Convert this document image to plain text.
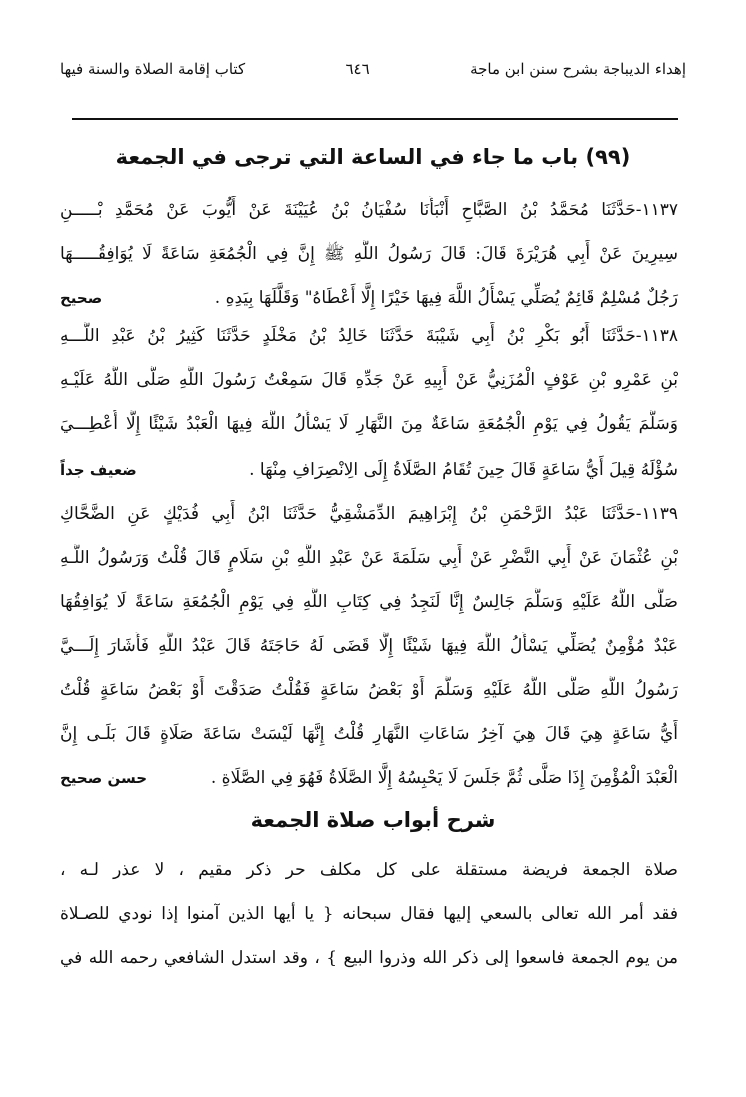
إهداء الديباجة بشرح سنن ابن ماجة
٦٤٦
كتاب إقامة الصلاة والسنة فيها
(٩٩) باب ما جاء في الساعة التي ترجى في الجمعة
١١٣٧-حَدَّثَنَا مُحَمَّدُ بْنُ الصَّبَّاحِ أَنْبَأَنَا سُفْيَانُ بْنُ عُيَيْنَةَ عَنْ أَيُّوبَ عَنْ مُحَمَّدِ بْـــــنِ
سِيرِينَ عَنْ أَبِي هُرَيْرَةَ قَالَ: قَالَ رَسُولُ اللَّهِ ﷺ إِنَّ فِي الْجُمُعَةِ سَاعَةً لَا يُوَافِقُـــــهَا
رَجُلٌ مُسْلِمٌ قَائِمٌ يُصَلِّي يَسْأَلُ اللَّهَ فِيهَا خَيْرًا إِلَّا أَعْطَاهُ" وَقَلَّلَهَا بِيَدِهِ .
صحيح
١١٣٨-حَدَّثَنَا أَبُو بَكْرِ بْنُ أَبِي شَيْبَةَ حَدَّثَنَا خَالِدُ بْنُ مَخْلَدٍ حَدَّثَنَا كَثِيرُ بْنُ عَبْدِ اللَّـــهِ
بْنِ عَمْرِو بْنِ عَوْفٍ الْمُزَنِيُّ عَنْ أَبِيهِ عَنْ جَدِّهِ قَالَ سَمِعْتُ رَسُولَ اللَّهِ صَلَّى اللَّهُ عَلَيْـهِ
وَسَلَّمَ يَقُولُ فِي يَوْمِ الْجُمُعَةِ سَاعَةٌ مِنَ النَّهَارِ لَا يَسْأَلُ اللَّهَ فِيهَا الْعَبْدُ شَيْئًا إِلَّا أُعْطِـــيَ
سُؤْلَهُ قِيلَ أَيُّ سَاعَةٍ قَالَ حِينَ تُقَامُ الصَّلَاةُ إِلَى الِانْصِرَافِ مِنْهَا .
ضعيف جداً
١١٣٩-حَدَّثَنَا عَبْدُ الرَّحْمَنِ بْنُ إِبْرَاهِيمَ الدِّمَشْقِيُّ حَدَّثَنَا ابْنُ أَبِي فُدَيْكٍ عَنِ الضَّحَّاكِ
بْنِ عُثْمَانَ عَنْ أَبِي النَّضْرِ عَنْ أَبِي سَلَمَةَ عَنْ عَبْدِ اللَّهِ بْنِ سَلَامٍ قَالَ قُلْتُ وَرَسُولُ اللَّـهِ
صَلَّى اللَّهُ عَلَيْهِ وَسَلَّمَ جَالِسٌ إِنَّا لَنَجِدُ فِي كِتَابِ اللَّهِ فِي يَوْمِ الْجُمُعَةِ سَاعَةً لَا يُوَافِقُهَا
عَبْدٌ مُؤْمِنٌ يُصَلِّي يَسْأَلُ اللَّهَ فِيهَا شَيْئًا إِلَّا قَضَى لَهُ حَاجَتَهُ قَالَ عَبْدُ اللَّهِ فَأَشَارَ إِلَـــيَّ
رَسُولُ اللَّهِ صَلَّى اللَّهُ عَلَيْهِ وَسَلَّمَ أَوْ بَعْضُ سَاعَةٍ فَقُلْتُ صَدَقْتَ أَوْ بَعْضُ سَاعَةٍ قُلْتُ
أَيُّ سَاعَةٍ هِيَ قَالَ هِيَ آخِرُ سَاعَاتِ النَّهَارِ قُلْتُ إِنَّهَا لَيْسَتْ سَاعَةَ صَلَاةٍ قَالَ بَلَـى إِنَّ
الْعَبْدَ الْمُؤْمِنَ إِذَا صَلَّى ثُمَّ جَلَسَ لَا يَحْبِسُهُ إِلَّا الصَّلَاةُ فَهُوَ فِي الصَّلَاةِ .
حسن صحيح
شرح أبواب صلاة الجمعة
صلاة الجمعة فريضة مستقلة على كل مكلف حر ذكر مقيم ، لا عذر لـه ،
فقد أمر الله تعالى بالسعي إليها فقال سبحانه { يا أيها الذين آمنوا إذا نودي للصـلاة
من يوم الجمعة فاسعوا إلى ذكر الله وذروا البيع } ، وقد استدل الشافعي رحمه الله في
